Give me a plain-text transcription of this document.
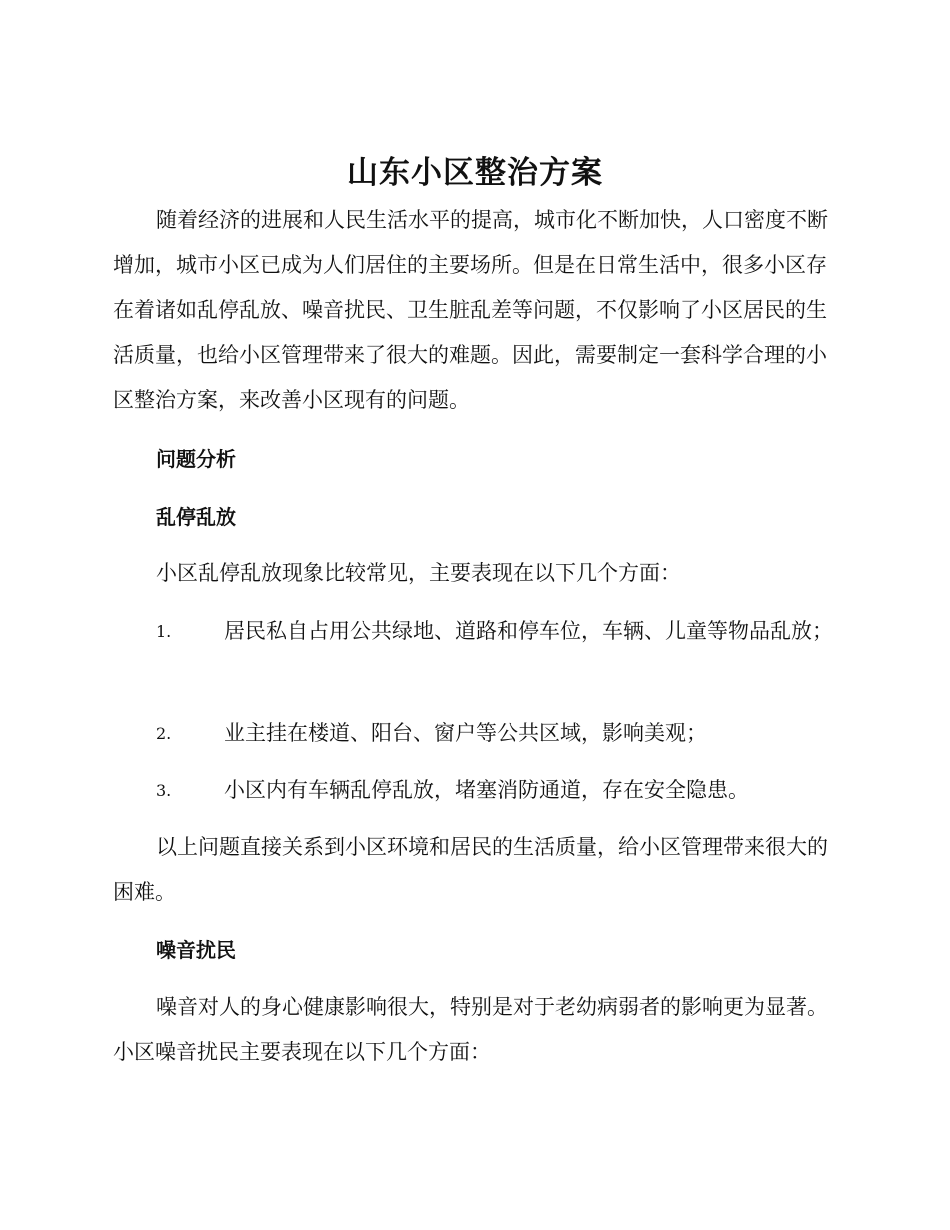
山东小区整治方案

随着经济的进展和人民生活水平的提高，城市化不断加快，人口密度不断增加，城市小区已成为人们居住的主要场所。但是在日常生活中，很多小区存在着诸如乱停乱放、噪音扰民、卫生脏乱差等问题，不仅影响了小区居民的生活质量，也给小区管理带来了很大的难题。因此，需要制定一套科学合理的小区整治方案，来改善小区现有的问题。

问题分析

乱停乱放

小区乱停乱放现象比较常见，主要表现在以下几个方面：

1.	居民私自占用公共绿地、道路和停车位，车辆、儿童等物品乱放；
2.	业主挂在楼道、阳台、窗户等公共区域，影响美观；
3.	小区内有车辆乱停乱放，堵塞消防通道，存在安全隐患。

以上问题直接关系到小区环境和居民的生活质量，给小区管理带来很大的困难。

噪音扰民

噪音对人的身心健康影响很大，特别是对于老幼病弱者的影响更为显著。小区噪音扰民主要表现在以下几个方面：
